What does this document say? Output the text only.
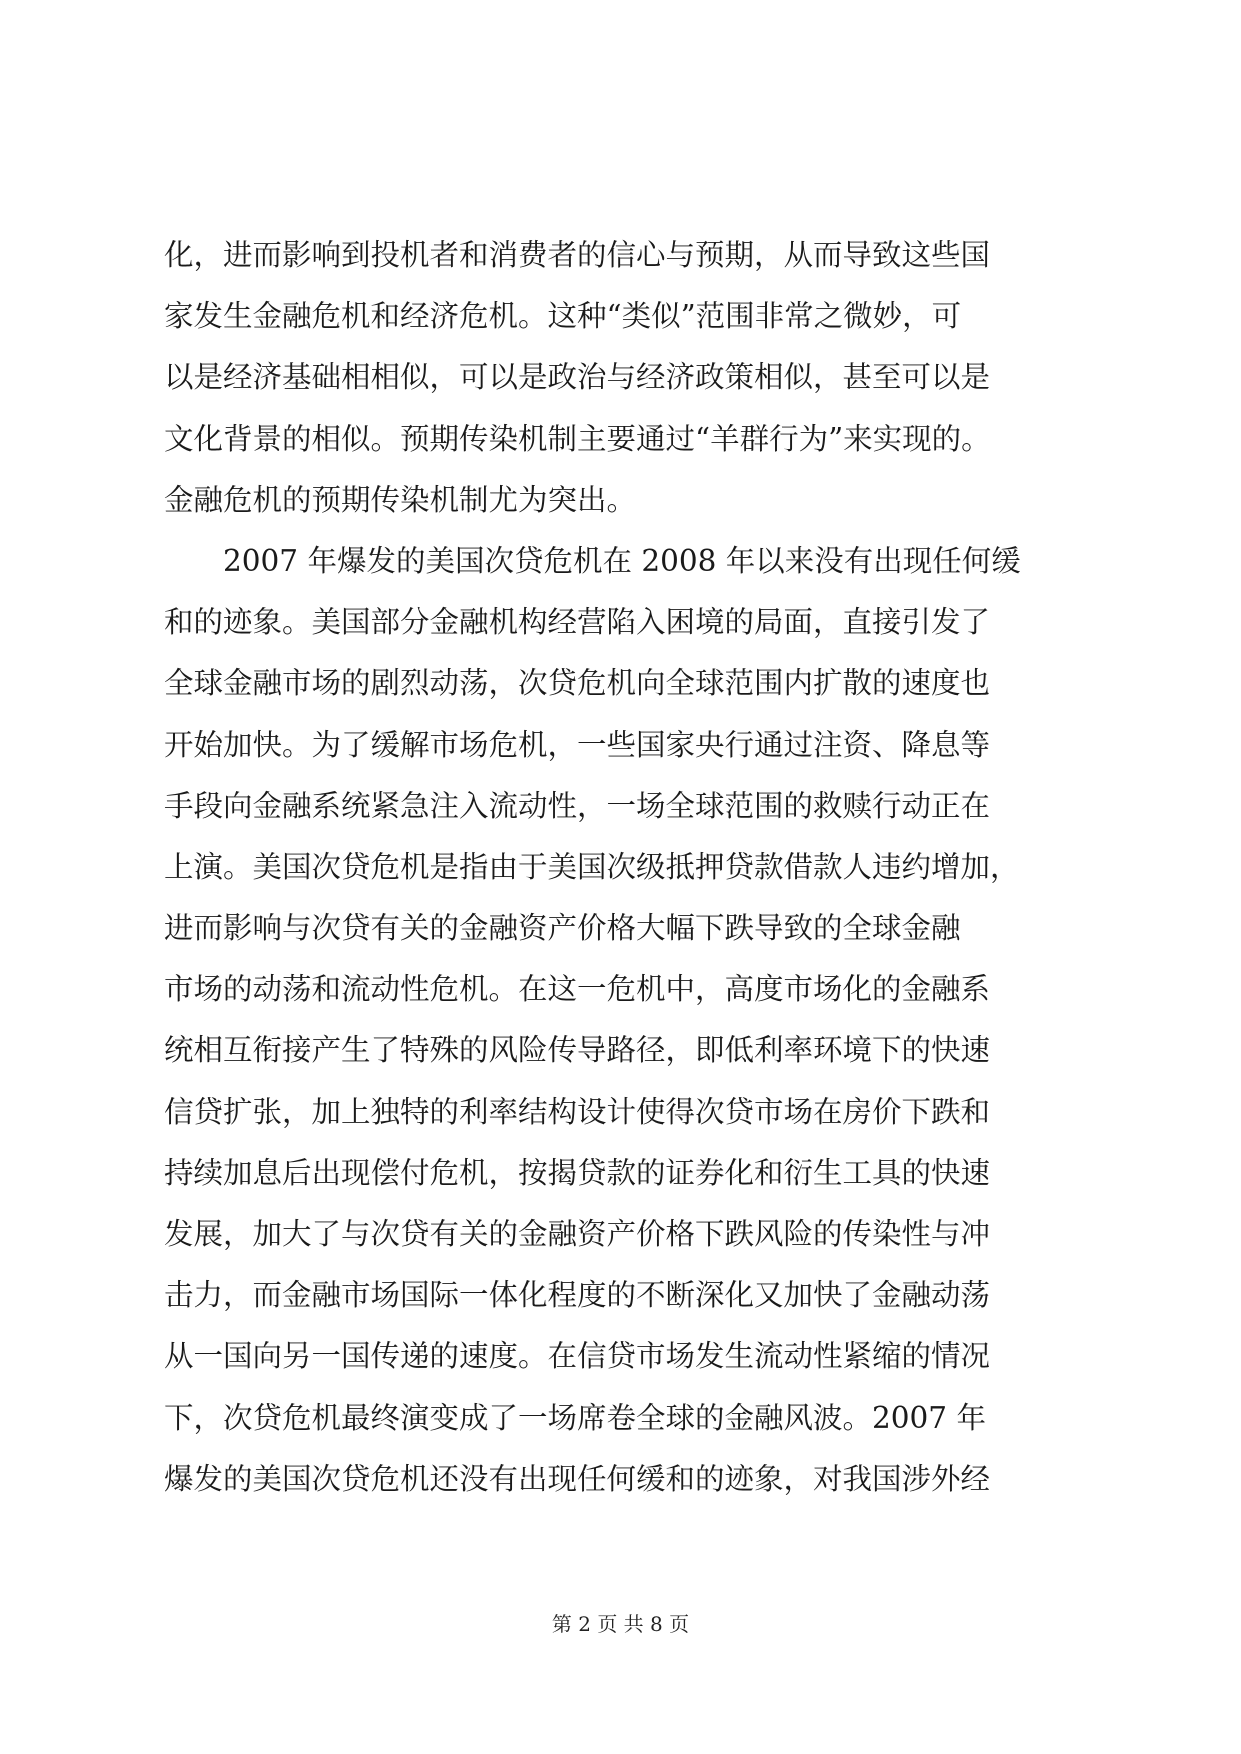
化，进而影响到投机者和消费者的信心与预期，从而导致这些国
家发生金融危机和经济危机。这种“类似”范围非常之微妙，可
以是经济基础相相似，可以是政治与经济政策相似，甚至可以是
文化背景的相似。预期传染机制主要通过“羊群行为”来实现的。
金融危机的预期传染机制尤为突出。
　　2007 年爆发的美国次贷危机在 2008 年以来没有出现任何缓
和的迹象。美国部分金融机构经营陷入困境的局面，直接引发了
全球金融市场的剧烈动荡，次贷危机向全球范围内扩散的速度也
开始加快。为了缓解市场危机，一些国家央行通过注资、降息等
手段向金融系统紧急注入流动性，一场全球范围的救赎行动正在
上演。美国次贷危机是指由于美国次级抵押贷款借款人违约增加，
进而影响与次贷有关的金融资产价格大幅下跌导致的全球金融
市场的动荡和流动性危机。在这一危机中，高度市场化的金融系
统相互衔接产生了特殊的风险传导路径，即低利率环境下的快速
信贷扩张，加上独特的利率结构设计使得次贷市场在房价下跌和
持续加息后出现偿付危机，按揭贷款的证券化和衍生工具的快速
发展，加大了与次贷有关的金融资产价格下跌风险的传染性与冲
击力，而金融市场国际一体化程度的不断深化又加快了金融动荡
从一国向另一国传递的速度。在信贷市场发生流动性紧缩的情况
下，次贷危机最终演变成了一场席卷全球的金融风波。2007 年
爆发的美国次贷危机还没有出现任何缓和的迹象，对我国涉外经
第 2 页 共 8 页
